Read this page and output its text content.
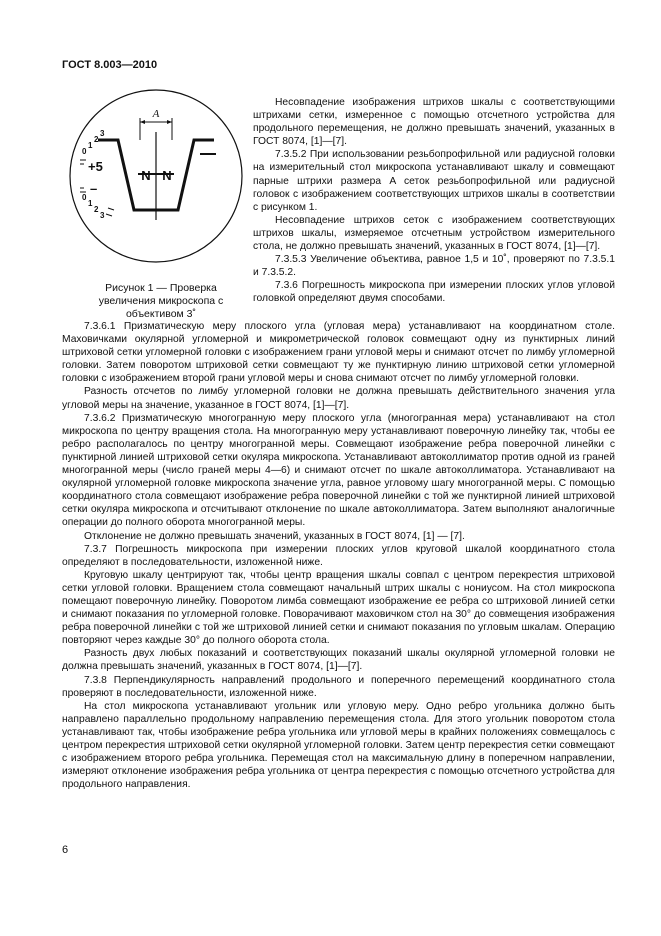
ГОСТ 8.003—2010
A
N N
+5
–
0
1
2
3
0
1
2
3
Рисунок 1 — Проверка увеличения микроскопа с объективом 3˚

Несовпадение изображения штрихов шкалы с соответствующими штрихами сетки, измеренное с помощью отсчетного устройства для продольного перемещения, не должно превышать значений, указанных в ГОСТ 8074, [1]—[7].

7.3.5.2 При использовании резьбопрофильной или радиусной головки на измерительный стол микроскопа устанавливают шкалу и совмещают парные штрихи размера A сеток резьбопрофильной или радиусной головок с изображением соответствующих штрихов шкалы в соответствии с рисунком 1.

Несовпадение штрихов сеток с изображением соответствующих штрихов шкалы, измеряемое отсчетным устройством измерительного стола, не должно превышать значений, указанных в ГОСТ 8074, [1]—[7].

7.3.5.3 Увеличение объектива, равное 1,5 и 10˚, проверяют по 7.3.5.1 и 7.3.5.2.

7.3.6 Погрешность микроскопа при измерении плоских углов угловой головкой определяют двумя способами.

7.3.6.1 Призматическую меру плоского угла (угловая мера) устанавливают на координатном столе. Маховичками окулярной угломерной и микрометрической головок совмещают одну из пунктирных линий штриховой сетки угломерной головки с изображением грани угловой меры и снимают отсчет по лимбу угломерной головки. Затем поворотом штриховой сетки совмещают ту же пунктирную линию штриховой сетки угломерной головки с изображением второй грани угловой меры и снова снимают отсчет по лимбу угломерной головки.

Разность отсчетов по лимбу угломерной головки не должна превышать действительного значения угла угловой меры на значение, указанное в ГОСТ 8074, [1]—[7].

7.3.6.2 Призматическую многогранную меру плоского угла (многогранная мера) устанавливают на стол микроскопа по центру вращения стола. На многогранную меру устанавливают поверочную линейку так, чтобы ее ребро располагалось по центру многогранной меры. Совмещают изображение ребра поверочной линейки с пунктирной линией штриховой сетки окуляра микроскопа. Устанавливают автоколлиматор против одной из граней многогранной меры (число граней меры 4—6) и снимают отсчет по шкале автоколлиматора. Устанавливают на окулярной угломерной головке микроскопа значение угла, равное угловому шагу многогранной меры. С помощью координатного стола совмещают изображение ребра поверочной линейки с той же пунктирной линией штриховой сетки окуляра микроскопа и отсчитывают отклонение по шкале автоколлиматора. Затем выполняют аналогичные операции до полного оборота многогранной меры.

Отклонение не должно превышать значений, указанных в ГОСТ 8074, [1] — [7].

7.3.7 Погрешность микроскопа при измерении плоских углов круговой шкалой координатного стола определяют в последовательности, изложенной ниже.

Круговую шкалу центрируют так, чтобы центр вращения шкалы совпал с центром перекрестия штриховой сетки угловой головки. Вращением стола совмещают начальный штрих шкалы с нониусом. На стол микроскопа помещают поверочную линейку. Поворотом лимба совмещают изображение ее ребра со штриховой линией сетки и снимают показания по угломерной головке. Поворачивают маховичком стол на 30° до совмещения изображения ребра поверочной линейки с той же штриховой линией сетки и снимают показания по угловым шкалам. Операцию повторяют через каждые 30° до полного оборота стола.

Разность двух любых показаний и соответствующих показаний шкалы окулярной угломерной головки не должна превышать значений, указанных в ГОСТ 8074, [1]—[7].

7.3.8 Перпендикулярность направлений продольного и поперечного перемещений координатного стола проверяют в последовательности, изложенной ниже.

На стол микроскопа устанавливают угольник или угловую меру. Одно ребро угольника должно быть направлено параллельно продольному направлению перемещения стола. Для этого угольник поворотом стола устанавливают так, чтобы изображение ребра угольника или угловой меры в крайних положениях совмещалось с центром перекрестия штриховой сетки окулярной угломерной головки. Затем центр перекрестия сетки совмещают с изображением второго ребра угольника. Перемещая стол на максимальную длину в поперечном направлении, измеряют отклонение изображения ребра угольника от центра перекрестия с помощью отсчетного устройства для продольного направления.

6
